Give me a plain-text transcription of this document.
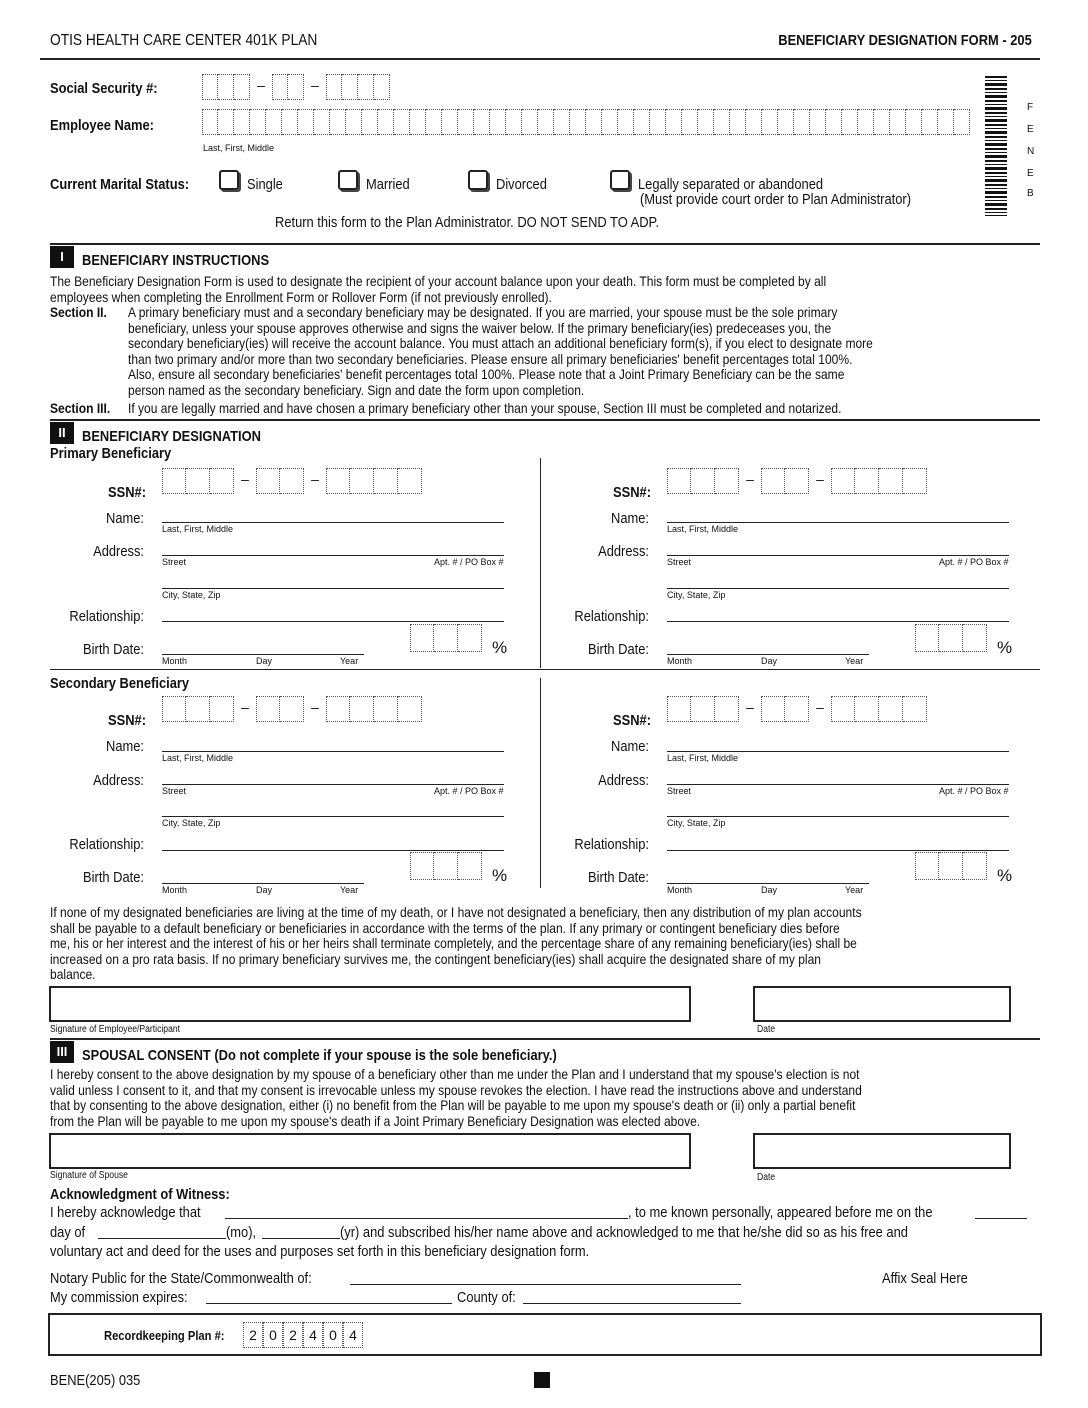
OTIS HEALTH CARE CENTER 401K PLAN	BENEFICIARY DESIGNATION FORM - 205
F
E
N
E
B
Social Security #:	–	–
Employee Name:
Last, First, Middle
Current Marital Status:	Single	Married	Divorced	Legally separated or abandoned
(Must provide court order to Plan Administrator)
Return this form to the Plan Administrator. DO NOT SEND TO ADP.
I	BENEFICIARY INSTRUCTIONS
The Beneficiary Designation Form is used to designate the recipient of your account balance upon your death. This form must be completed by all
employees when completing the Enrollment Form or Rollover Form (if not previously enrolled).
Section II. A primary beneficiary must and a secondary beneficiary may be designated. If you are married, your spouse must be the sole primary
beneficiary, unless your spouse approves otherwise and signs the waiver below. If the primary beneficiary(ies) predeceases you, the
secondary beneficiary(ies) will receive the account balance. You must attach an additional beneficiary form(s), if you elect to designate more
than two primary and/or more than two secondary beneficiaries. Please ensure all primary beneficiaries' benefit percentages total 100%.
Also, ensure all secondary beneficiaries' benefit percentages total 100%. Please note that a Joint Primary Beneficiary can be the same
person named as the secondary beneficiary. Sign and date the form upon completion.
Section III. If you are legally married and have chosen a primary beneficiary other than your spouse, Section III must be completed and notarized.
II	BENEFICIARY DESIGNATION
Primary Beneficiary
Secondary Beneficiary
SSN#:
–	–
Name:
Last, First, Middle
Address:
Street	Apt. # / PO Box #
City, State, Zip
Relationship:
Birth Date:
Month	Day	Year
%
SSN#:
–	–
Name:
Last, First, Middle
Address:
Street	Apt. # / PO Box #
City, State, Zip
Relationship:
Birth Date:
Month	Day	Year
%
SSN#:
–	–
Name:
Last, First, Middle
Address:
Street	Apt. # / PO Box #
City, State, Zip
Relationship:
Birth Date:
Month	Day	Year
%
SSN#:
–	–
Name:
Last, First, Middle
Address:
Street	Apt. # / PO Box #
City, State, Zip
Relationship:
Birth Date:
Month	Day	Year
%
If none of my designated beneficiaries are living at the time of my death, or I have not designated a beneficiary, then any distribution of my plan accounts
shall be payable to a default beneficiary or beneficiaries in accordance with the terms of the plan. If any primary or contingent beneficiary dies before
me, his or her interest and the interest of his or her heirs shall terminate completely, and the percentage share of any remaining beneficiary(ies) shall be
increased on a pro rata basis. If no primary beneficiary survives me, the contingent beneficiary(ies) shall acquire the designated share of my plan
balance.
Signature of Employee/Participant	Date
III SPOUSAL CONSENT (Do not complete if your spouse is the sole beneficiary.)
I hereby consent to the above designation by my spouse of a beneficiary other than me under the Plan and I understand that my spouse's election is not
valid unless I consent to it, and that my consent is irrevocable unless my spouse revokes the election. I have read the instructions above and understand
that by consenting to the above designation, either (i) no benefit from the Plan will be payable to me upon my spouse's death or (ii) only a partial benefit
from the Plan will be payable to me upon my spouse's death if a Joint Primary Beneficiary Designation was elected above.
Signature of Spouse	Date
Acknowledgment of Witness:
I hereby acknowledge that	, to me known personally, appeared before me on the
day of	(mo),	(yr) and subscribed his/her name above and acknowledged to me that he/she did so as his free and
voluntary act and deed for the uses and purposes set forth in this beneficiary designation form.
Notary Public for the State/Commonwealth of:	Affix Seal Here
My commission expires:	County of:
Recordkeeping Plan #:	2 0 2 4 0 4
BENE(205) 035
